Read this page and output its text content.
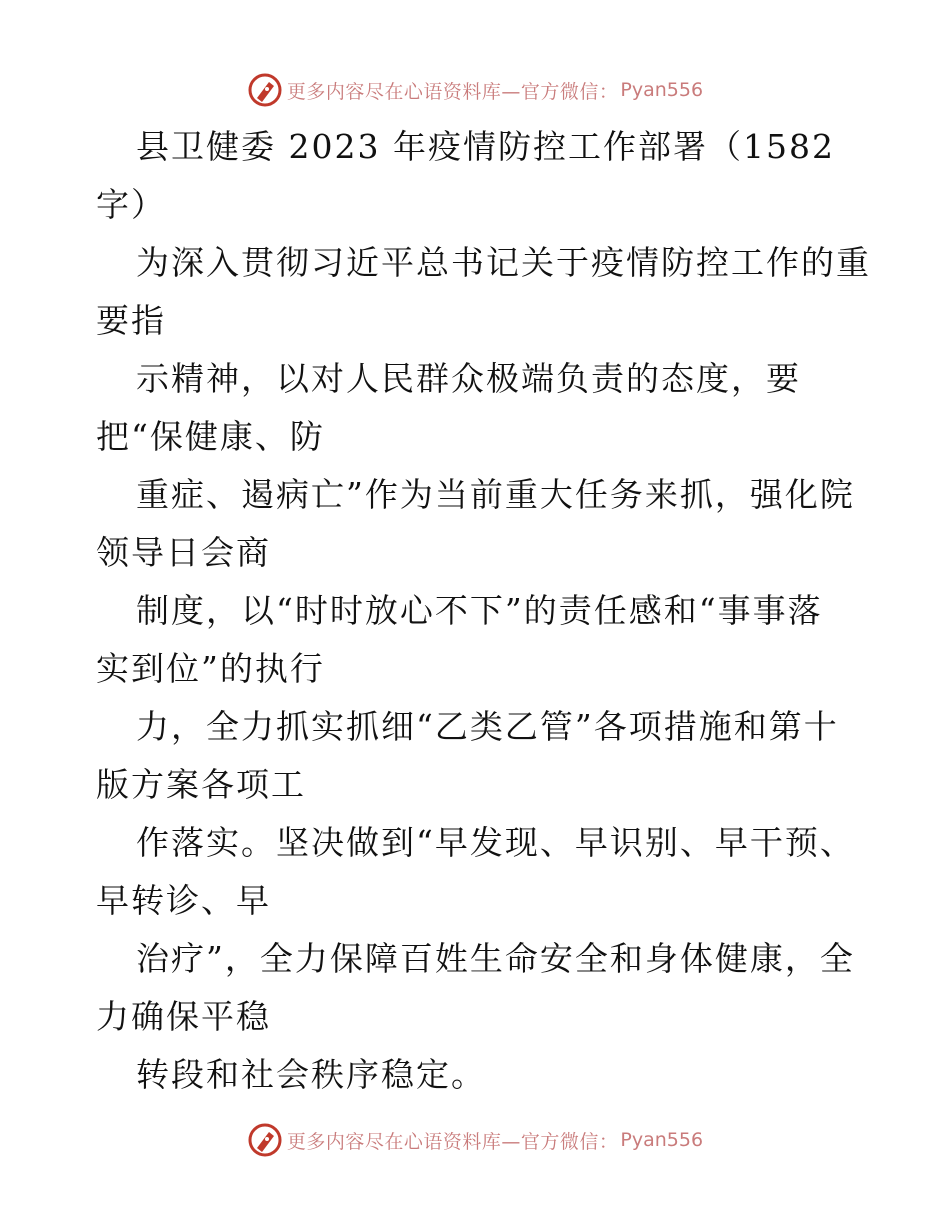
更多内容尽在心语资料库—官方微信： Pyan556
县卫健委 2023 年疫情防控工作部署（1582
字）
为深入贯彻习近平总书记关于疫情防控工作的重
要指
示精神，以对人民群众极端负责的态度，要
把“保健康、防
重症、遏病亡”作为当前重大任务来抓，强化院
领导日会商
制度，以“时时放心不下”的责任感和“事事落
实到位”的执行
力，全力抓实抓细“乙类乙管”各项措施和第十
版方案各项工
作落实。坚决做到“早发现、早识别、早干预、
早转诊、早
治疗”，全力保障百姓生命安全和身体健康，全
力确保平稳
转段和社会秩序稳定。
更多内容尽在心语资料库—官方微信： Pyan556
